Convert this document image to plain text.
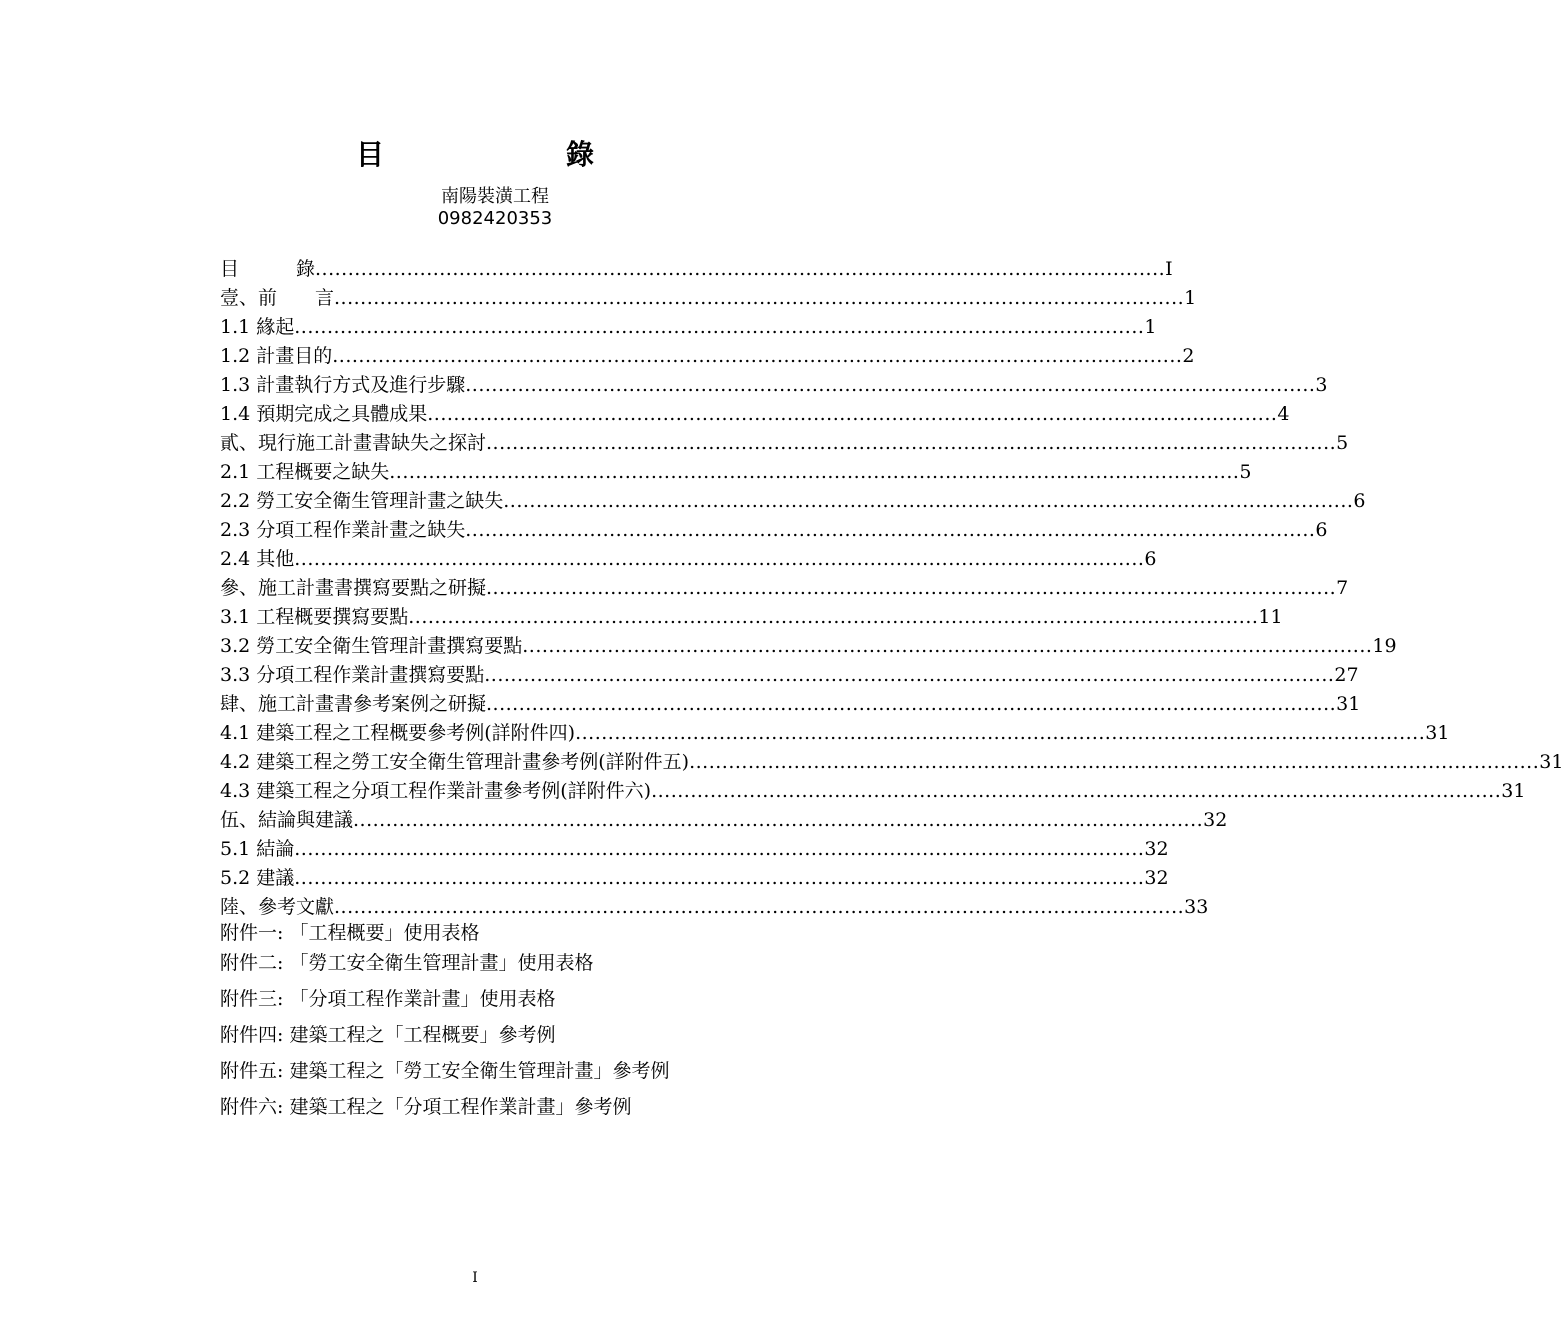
目	錄
南陽裝潢工程
0982420353
目　　　錄 .................................................................................................................................. I
壹、前　　言 .................................................................................................................................. 1
1.1 緣起 .................................................................................................................................. 1
1.2 計畫目的 .................................................................................................................................. 2
1.3 計畫執行方式及進行步驟 .................................................................................................................................. 3
1.4 預期完成之具體成果 .................................................................................................................................. 4
貳、現行施工計畫書缺失之探討 .................................................................................................................................. 5
2.1 工程概要之缺失 .................................................................................................................................. 5
2.2 勞工安全衛生管理計畫之缺失 .................................................................................................................................. 6
2.3 分項工程作業計畫之缺失 .................................................................................................................................. 6
2.4 其他 .................................................................................................................................. 6
參、施工計畫書撰寫要點之研擬 .................................................................................................................................. 7
3.1 工程概要撰寫要點 .................................................................................................................................. 11
3.2 勞工安全衛生管理計畫撰寫要點 .................................................................................................................................. 19
3.3 分項工程作業計畫撰寫要點 .................................................................................................................................. 27
肆、施工計畫書參考案例之研擬 .................................................................................................................................. 31
4.1 建築工程之工程概要參考例(詳附件四) .................................................................................................................................. 31
4.2 建築工程之勞工安全衛生管理計畫參考例(詳附件五) .................................................................................................................................. 31
4.3 建築工程之分項工程作業計畫參考例(詳附件六) .................................................................................................................................. 31
伍、結論與建議 .................................................................................................................................. 32
5.1 結論 .................................................................................................................................. 32
5.2 建議 .................................................................................................................................. 32
陸、參考文獻 .................................................................................................................................. 33
附件一: 「工程概要」使用表格
附件二: 「勞工安全衛生管理計畫」使用表格
附件三: 「分項工程作業計畫」使用表格
附件四: 建築工程之「工程概要」參考例
附件五: 建築工程之「勞工安全衛生管理計畫」參考例
附件六: 建築工程之「分項工程作業計畫」參考例
I
